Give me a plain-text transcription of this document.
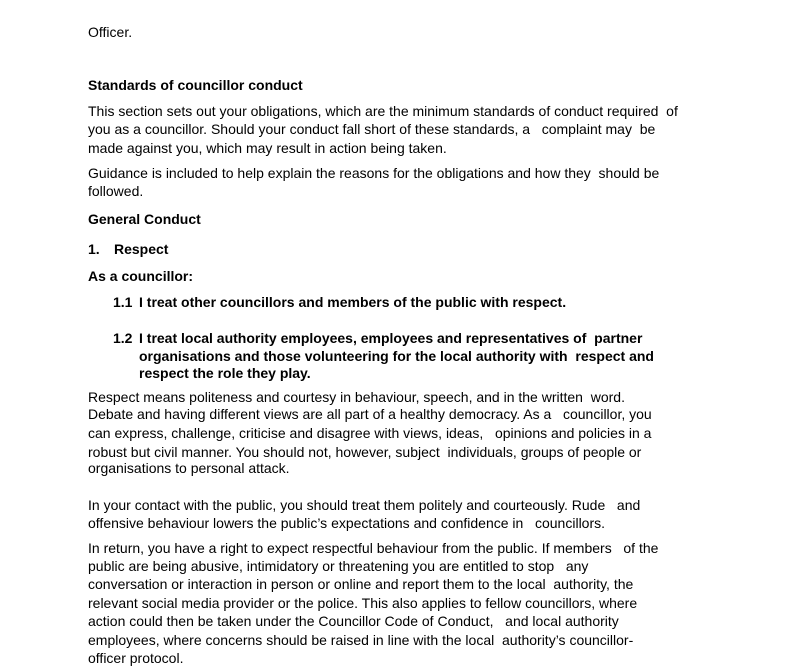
Officer.
Standards of councillor conduct
This section sets out your obligations, which are the minimum standards of conduct required  of
you as a councillor. Should your conduct fall short of these standards, a   complaint may  be
made against you, which may result in action being taken.
Guidance is included to help explain the reasons for the obligations and how they  should be
followed.
General Conduct
1. Respect
As a councillor:
1.1 I treat other councillors and members of the public with respect.
1.2 I treat local authority employees, employees and representatives of  partner
organisations and those volunteering for the local authority with  respect and
respect the role they play.
Respect means politeness and courtesy in behaviour, speech, and in the written  word.
Debate and having different views are all part of a healthy democracy. As a   councillor, you
can express, challenge, criticise and disagree with views, ideas,   opinions and policies in a
robust but civil manner. You should not, however, subject  individuals, groups of people or
organisations to personal attack.
In your contact with the public, you should treat them politely and courteously. Rude   and
offensive behaviour lowers the public’s expectations and confidence in   councillors.
In return, you have a right to expect respectful behaviour from the public. If members   of the
public are being abusive, intimidatory or threatening you are entitled to stop   any
conversation or interaction in person or online and report them to the local  authority, the
relevant social media provider or the police. This also applies to fellow councillors, where
action could then be taken under the Councillor Code of Conduct,   and local authority
employees, where concerns should be raised in line with the local  authority’s councillor-
officer protocol.
